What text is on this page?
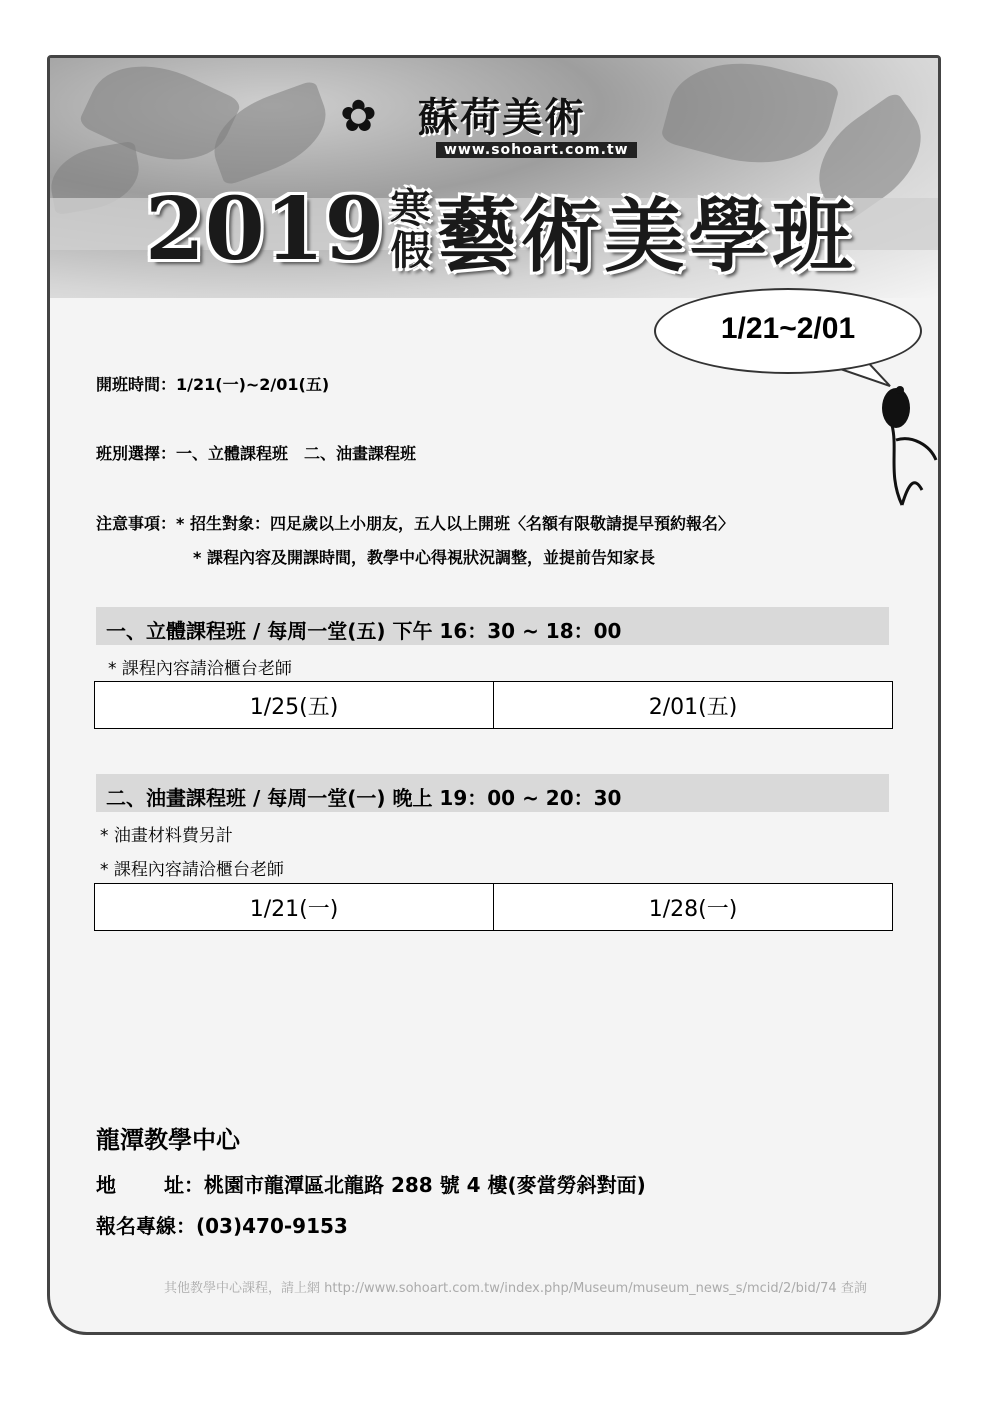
✿ 蘇荷美術
www.sohoart.com.tw
2019 寒
假藝術美學班
1/21~2/01
開班時間：1/21(一)~2/01(五)
班別選擇：一、立體課程班　二、油畫課程班
注意事項：* 招生對象：四足歲以上小朋友，五人以上開班〈名額有限敬請提早預約報名〉
* 課程內容及開課時間，教學中心得視狀況調整，並提前告知家長
一、立體課程班 / 每周一堂(五) 下午 16：30 ~ 18：00
* 課程內容請洽櫃台老師
1/25(五)	2/01(五)
二、油畫課程班 / 每周一堂(一) 晚上 19：00 ~ 20：30
* 油畫材料費另計
* 課程內容請洽櫃台老師
1/21(一)	1/28(一)
龍潭教學中心
地 址：桃園市龍潭區北龍路 288 號 4 樓(麥當勞斜對面)
報名專線：(03)470-9153
其他教學中心課程，請上網 http://www.sohoart.com.tw/index.php/Museum/museum_news_s/mcid/2/bid/74 查詢
